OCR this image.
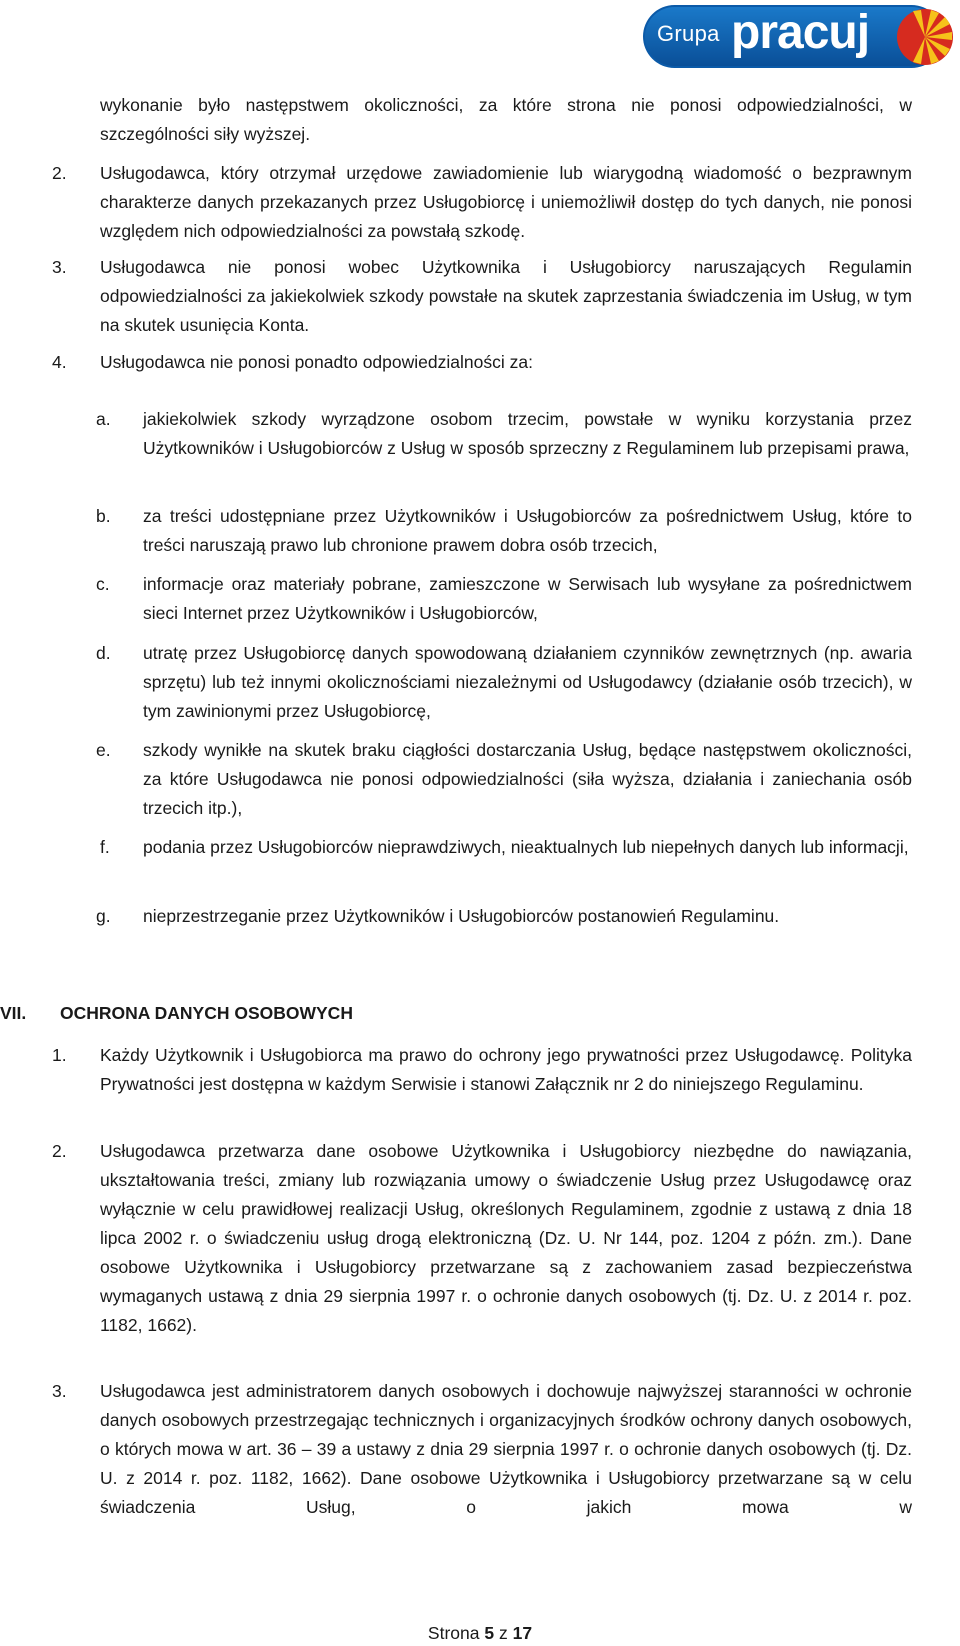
Grupa pracuj
wykonanie było następstwem okoliczności, za które strona nie ponosi odpowiedzialności, w szczególności siły wyższej.
2. Usługodawca, który otrzymał urzędowe zawiadomienie lub wiarygodną wiadomość o bezprawnym charakterze danych przekazanych przez Usługobiorcę i uniemożliwił dostęp do tych danych, nie ponosi względem nich odpowiedzialności za powstałą szkodę.
3. Usługodawca nie ponosi wobec Użytkownika i Usługobiorcy naruszających Regulamin odpowiedzialności za jakiekolwiek szkody powstałe na skutek zaprzestania świadczenia im Usług, w tym na skutek usunięcia Konta.
4. Usługodawca nie ponosi ponadto odpowiedzialności za:
a. jakiekolwiek szkody wyrządzone osobom trzecim, powstałe w wyniku korzystania przez Użytkowników i Usługobiorców z Usług w sposób sprzeczny z Regulaminem lub przepisami prawa,
b. za treści udostępniane przez Użytkowników i Usługobiorców za pośrednictwem Usług, które to treści naruszają prawo lub chronione prawem dobra osób trzecich,
c. informacje oraz materiały pobrane, zamieszczone w Serwisach lub wysyłane za pośrednictwem sieci Internet przez Użytkowników i Usługobiorców,
d. utratę przez Usługobiorcę danych spowodowaną działaniem czynników zewnętrznych (np. awaria sprzętu) lub też innymi okolicznościami niezależnymi od Usługodawcy (działanie osób trzecich), w tym zawinionymi przez Usługobiorcę,
e. szkody wynikłe na skutek braku ciągłości dostarczania Usług, będące następstwem okoliczności, za które Usługodawca nie ponosi odpowiedzialności (siła wyższa, działania i zaniechania osób trzecich itp.),
f. podania przez Usługobiorców nieprawdziwych, nieaktualnych lub niepełnych danych lub informacji,
g. nieprzestrzeganie przez Użytkowników i Usługobiorców postanowień Regulaminu.
VII. OCHRONA DANYCH OSOBOWYCH
1. Każdy Użytkownik i Usługobiorca ma prawo do ochrony jego prywatności przez Usługodawcę. Polityka Prywatności jest dostępna w każdym Serwisie i stanowi Załącznik nr 2 do niniejszego Regulaminu.
2. Usługodawca przetwarza dane osobowe Użytkownika i Usługobiorcy niezbędne do nawiązania, ukształtowania treści, zmiany lub rozwiązania umowy o świadczenie Usług przez Usługodawcę oraz wyłącznie w celu prawidłowej realizacji Usług, określonych Regulaminem, zgodnie z ustawą z dnia 18 lipca 2002 r. o świadczeniu usług drogą elektroniczną (Dz. U. Nr 144, poz. 1204 z późn. zm.). Dane osobowe Użytkownika i Usługobiorcy przetwarzane są z zachowaniem zasad bezpieczeństwa wymaganych ustawą z dnia 29 sierpnia 1997 r. o ochronie danych osobowych (tj. Dz. U. z 2014 r. poz. 1182, 1662).
3. Usługodawca jest administratorem danych osobowych i dochowuje najwyższej staranności w ochronie danych osobowych przestrzegając technicznych i organizacyjnych środków ochrony danych osobowych, o których mowa w art. 36 – 39 a ustawy z dnia 29 sierpnia 1997 r. o ochronie danych osobowych (tj. Dz. U. z 2014 r. poz. 1182, 1662). Dane osobowe Użytkownika i Usługobiorcy przetwarzane są w celu świadczenia Usług, o jakich mowa w
Strona 5 z 17
